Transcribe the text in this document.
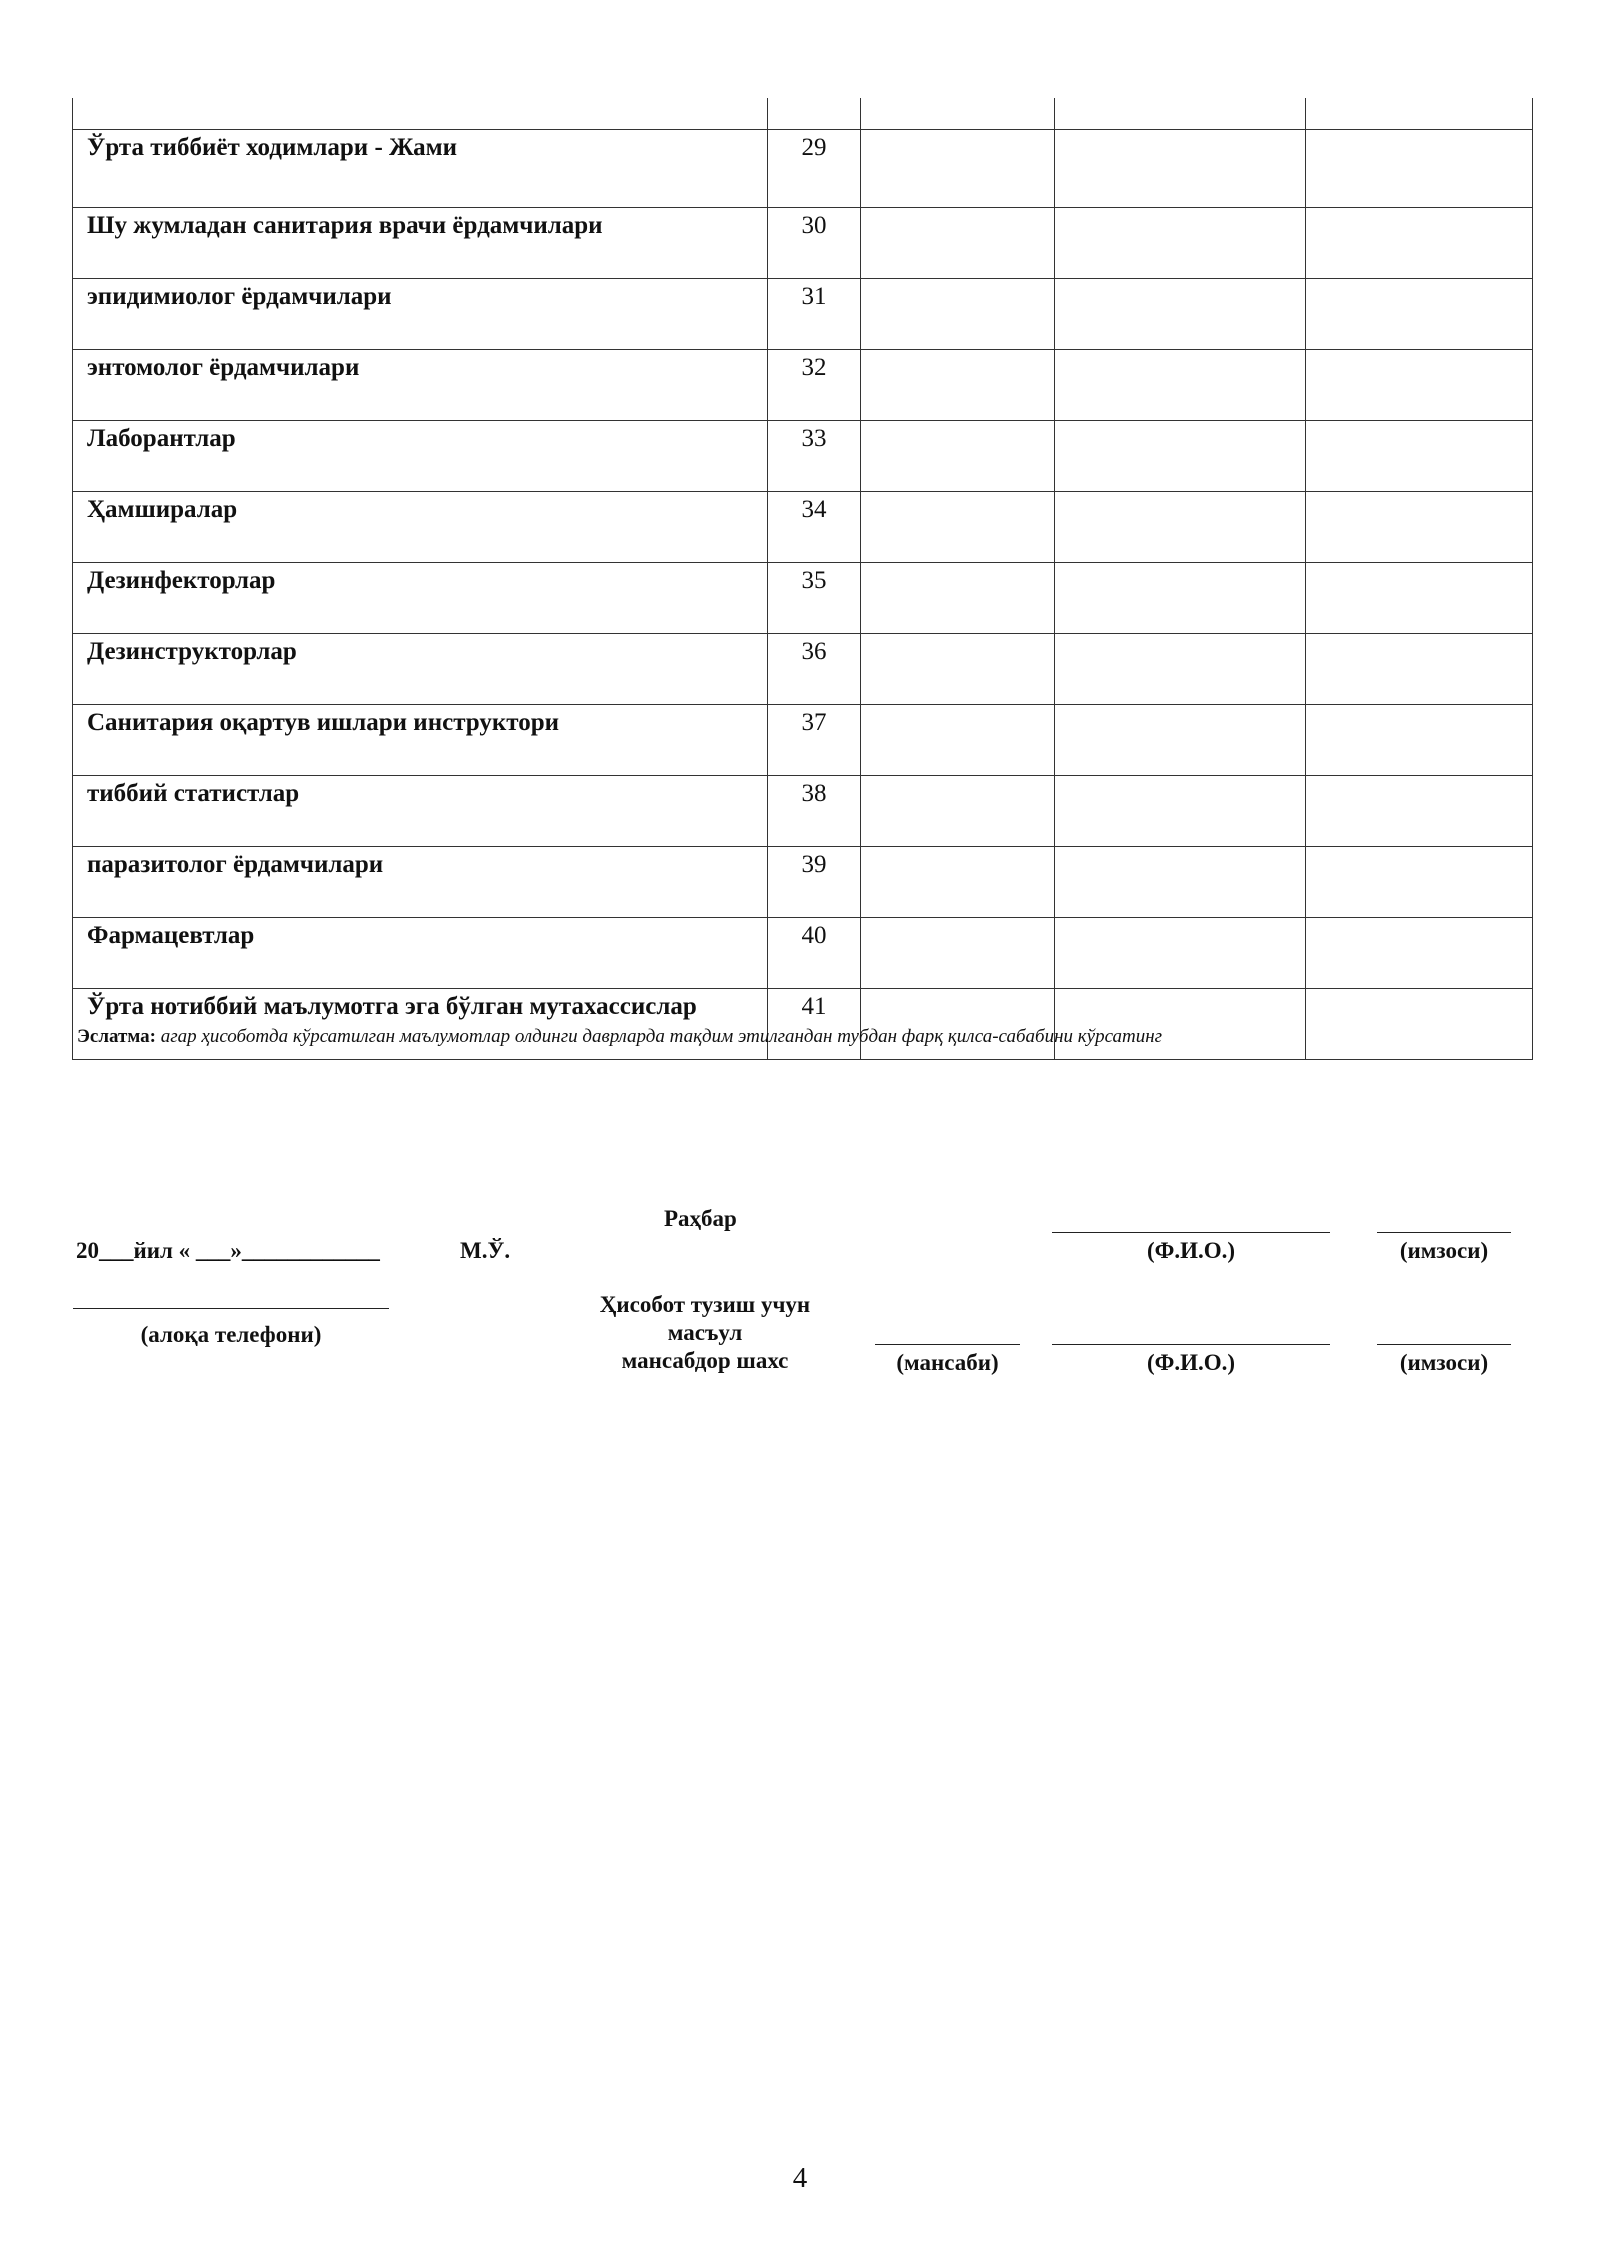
Ўрта тиббиёт ходимлари - Жами	29			
Шу жумладан санитария врачи ёрдамчилари	30			
эпидимиолог ёрдамчилари	31			
энтомолог ёрдамчилари	32			
Лаборантлар	33			
Ҳамширалар	34			
Дезинфекторлар	35			
Дезинструкторлар	36			
Санитария оқартув ишлари инструктори	37			
тиббий статистлар	38			
паразитолог ёрдамчилари	39			
Фармацевтлар	40			
Ўрта нотиббий маълумотга эга бўлган мутахассислар	41			
Эслатма: агар ҳисоботда кўрсатилган маълумотлар олдинги даврларда тақдим этилгандан тубдан фарқ қилса-сабабини кўрсатинг
Раҳбар
20___йил « ___»____________	М.Ў.	(Ф.И.О.)	(имзоси)
(алоқа телефони)
Ҳисобот тузиш учун
масъул
мансабдор шахс	(мансаби)	(Ф.И.О.)	(имзоси)
4
